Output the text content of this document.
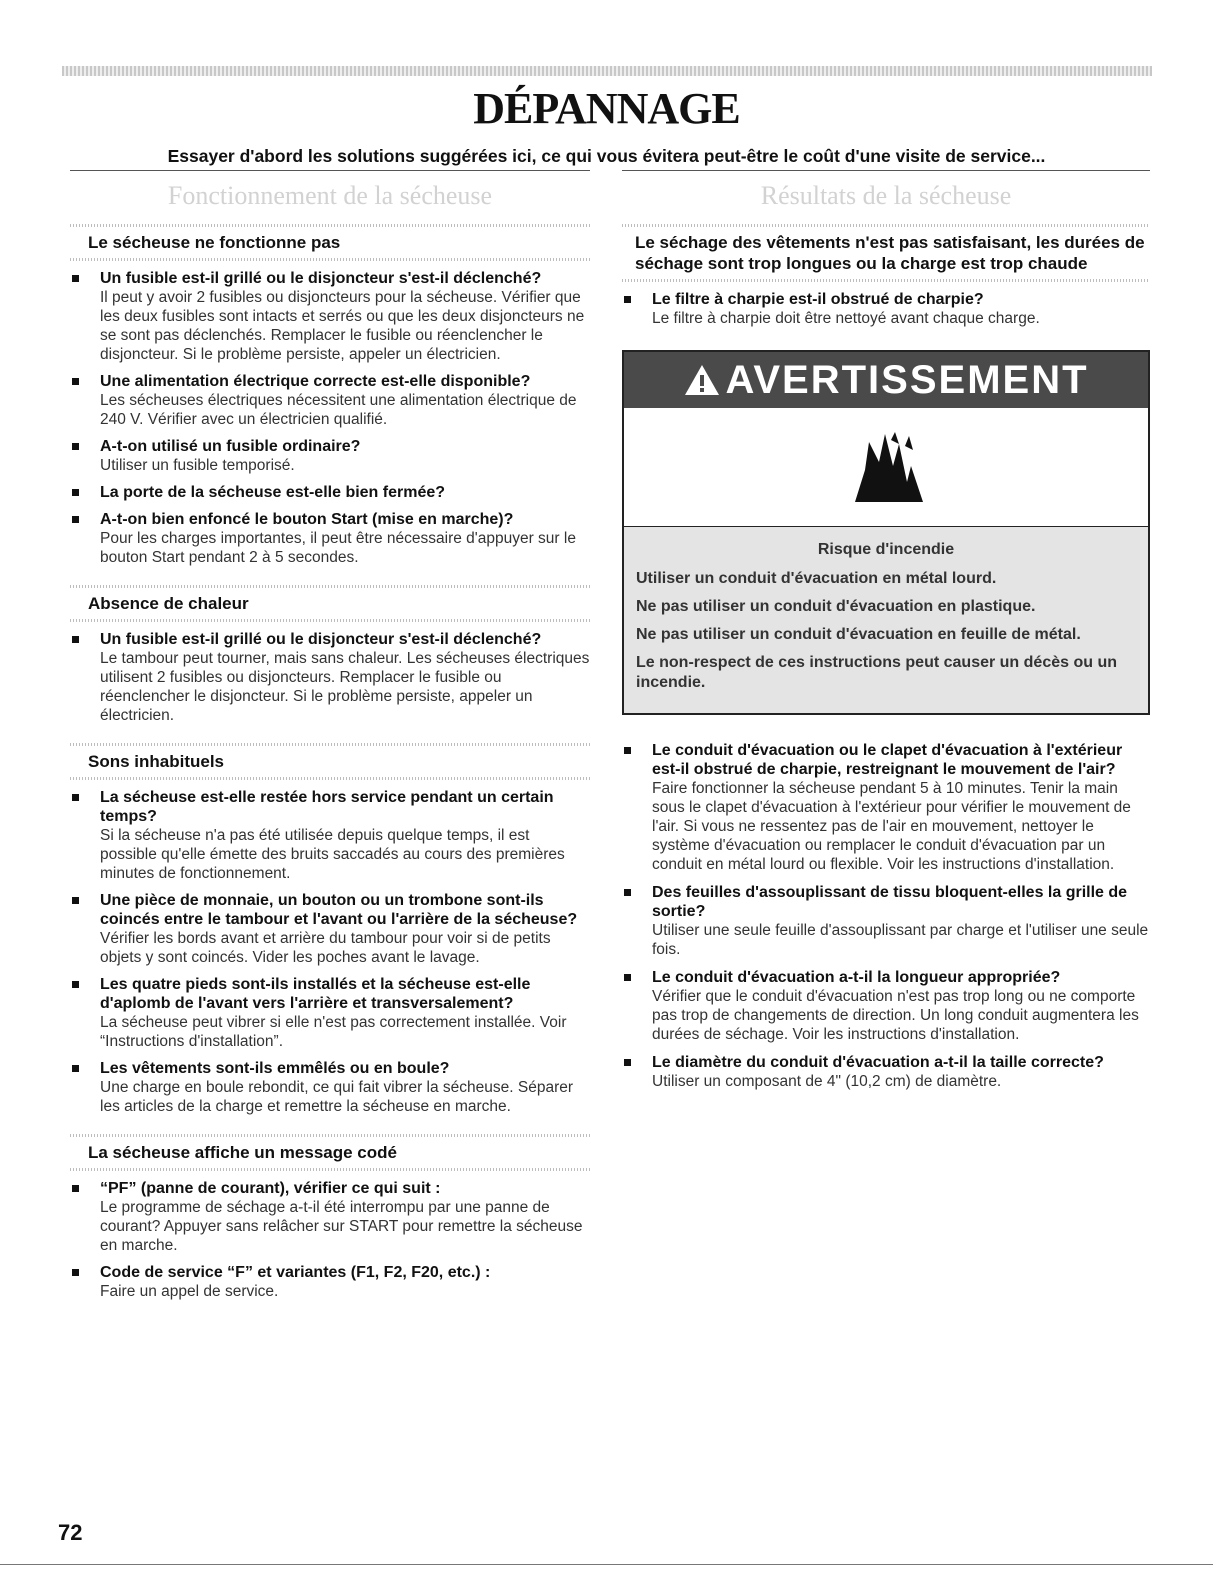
DÉPANNAGE
Essayer d'abord les solutions suggérées ici, ce qui vous évitera peut-être le coût d'une visite de service...
Fonctionnement de la sécheuse
Le sécheuse ne fonctionne pas
Un fusible est-il grillé ou le disjoncteur s'est-il déclenché?
Il peut y avoir 2 fusibles ou disjoncteurs pour la sécheuse. Vérifier que les deux fusibles sont intacts et serrés ou que les deux disjoncteurs ne se sont pas déclenchés. Remplacer le fusible ou réenclencher le disjoncteur. Si le problème persiste, appeler un électricien.
Une alimentation électrique correcte est-elle disponible?
Les sécheuses électriques nécessitent une alimentation électrique de 240 V. Vérifier avec un électricien qualifié.
A-t-on utilisé un fusible ordinaire?
Utiliser un fusible temporisé.
La porte de la sécheuse est-elle bien fermée?
A-t-on bien enfoncé le bouton Start (mise en marche)?
Pour les charges importantes, il peut être nécessaire d'appuyer sur le bouton Start pendant 2 à 5 secondes.
Absence de chaleur
Un fusible est-il grillé ou le disjoncteur s'est-il déclenché?
Le tambour peut tourner, mais sans chaleur. Les sécheuses électriques utilisent 2 fusibles ou disjoncteurs. Remplacer le fusible ou réenclencher le disjoncteur. Si le problème persiste, appeler un électricien.
Sons inhabituels
La sécheuse est-elle restée hors service pendant un certain temps?
Si la sécheuse n'a pas été utilisée depuis quelque temps, il est possible qu'elle émette des bruits saccadés au cours des premières minutes de fonctionnement.
Une pièce de monnaie, un bouton ou un trombone sont-ils coincés entre le tambour et l'avant ou l'arrière de la sécheuse?
Vérifier les bords avant et arrière du tambour pour voir si de petits objets y sont coincés. Vider les poches avant le lavage.
Les quatre pieds sont-ils installés et la sécheuse est-elle d'aplomb de l'avant vers l'arrière et transversalement?
La sécheuse peut vibrer si elle n'est pas correctement installée. Voir “Instructions d'installation”.
Les vêtements sont-ils emmêlés ou en boule?
Une charge en boule rebondit, ce qui fait vibrer la sécheuse. Séparer les articles de la charge et remettre la sécheuse en marche.
La sécheuse affiche un message codé
“PF” (panne de courant), vérifier ce qui suit :
Le programme de séchage a-t-il été interrompu par une panne de courant? Appuyer sans relâcher sur START pour remettre la sécheuse en marche.
Code de service “F” et variantes (F1, F2, F20, etc.) :
Faire un appel de service.
Résultats de la sécheuse
Le séchage des vêtements n'est pas satisfaisant, les durées de séchage sont trop longues ou la charge est trop chaude
Le filtre à charpie est-il obstrué de charpie?
Le filtre à charpie doit être nettoyé avant chaque charge.
AVERTISSEMENT
Risque d'incendie
Utiliser un conduit d'évacuation en métal lourd.
Ne pas utiliser un conduit d'évacuation en plastique.
Ne pas utiliser un conduit d'évacuation en feuille de métal.
Le non-respect de ces instructions peut causer un décès ou un incendie.
Le conduit d'évacuation ou le clapet d'évacuation à l'extérieur est-il obstrué de charpie, restreignant le mouvement de l'air?
Faire fonctionner la sécheuse pendant 5 à 10 minutes. Tenir la main sous le clapet d'évacuation à l'extérieur pour vérifier le mouvement de l'air. Si vous ne ressentez pas de l'air en mouvement, nettoyer le système d'évacuation ou remplacer le conduit d'évacuation par un conduit en métal lourd ou flexible. Voir les instructions d'installation.
Des feuilles d'assouplissant de tissu bloquent-elles la grille de sortie?
Utiliser une seule feuille d'assouplissant par charge et l'utiliser une seule fois.
Le conduit d'évacuation a-t-il la longueur appropriée?
Vérifier que le conduit d'évacuation n'est pas trop long ou ne comporte pas trop de changements de direction. Un long conduit augmentera les durées de séchage. Voir les instructions d'installation.
Le diamètre du conduit d'évacuation a-t-il la taille correcte?
Utiliser un composant de 4" (10,2 cm) de diamètre.
72
